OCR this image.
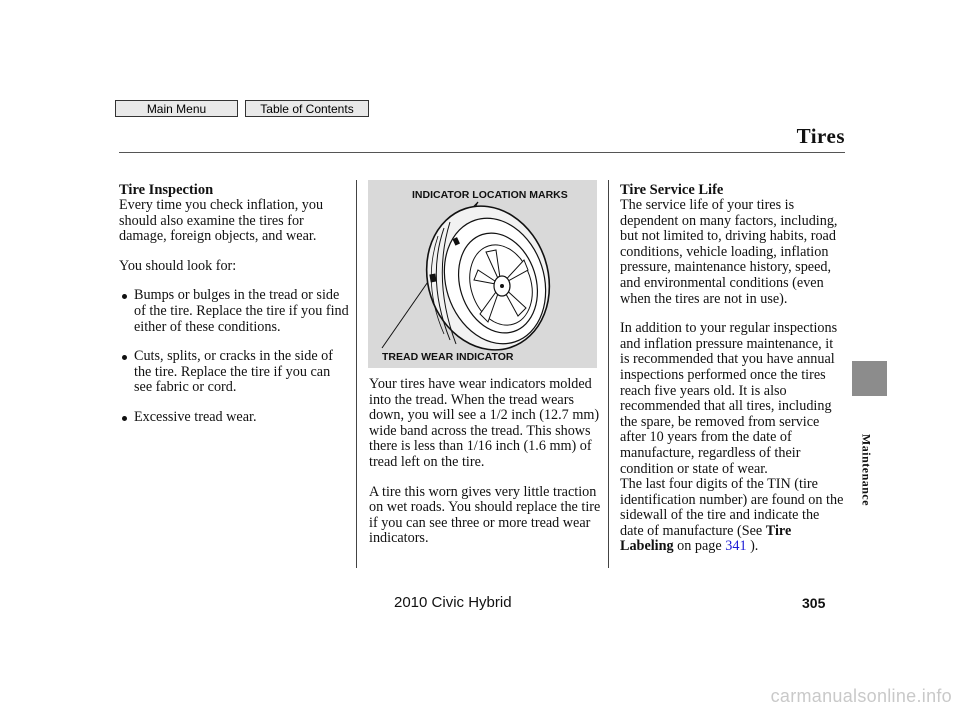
Main Menu	Table of Contents
Tires
Maintenance
Tire Inspection
Every time you check inflation, you should also examine the tires for damage, foreign objects, and wear.
You should look for:
Bumps or bulges in the tread or side of the tire. Replace the tire if you find either of these conditions.
Cuts, splits, or cracks in the side of the tire. Replace the tire if you can see fabric or cord.
Excessive tread wear.
INDICATOR LOCATION MARKS
TREAD WEAR INDICATOR
Your tires have wear indicators molded into the tread. When the tread wears down, you will see a 1/2 inch (12.7 mm) wide band across the tread. This shows there is less than 1/16 inch (1.6 mm) of tread left on the tire.
A tire this worn gives very little traction on wet roads. You should replace the tire if you can see three or more tread wear indicators.
Tire Service Life
The service life of your tires is dependent on many factors, including, but not limited to, driving habits, road conditions, vehicle loading, inflation pressure, maintenance history, speed, and environmental conditions (even when the tires are not in use).
In addition to your regular inspections and inflation pressure maintenance, it is recommended that you have annual inspections performed once the tires reach five years old. It is also recommended that all tires, including the spare, be removed from service after 10 years from the date of manufacture, regardless of their condition or state of wear.
The last four digits of the TIN (tire identification number) are found on the sidewall of the tire and indicate the date of manufacture (See Tire Labeling on page 341 ).
2010 Civic Hybrid	305
carmanualsonline.info
